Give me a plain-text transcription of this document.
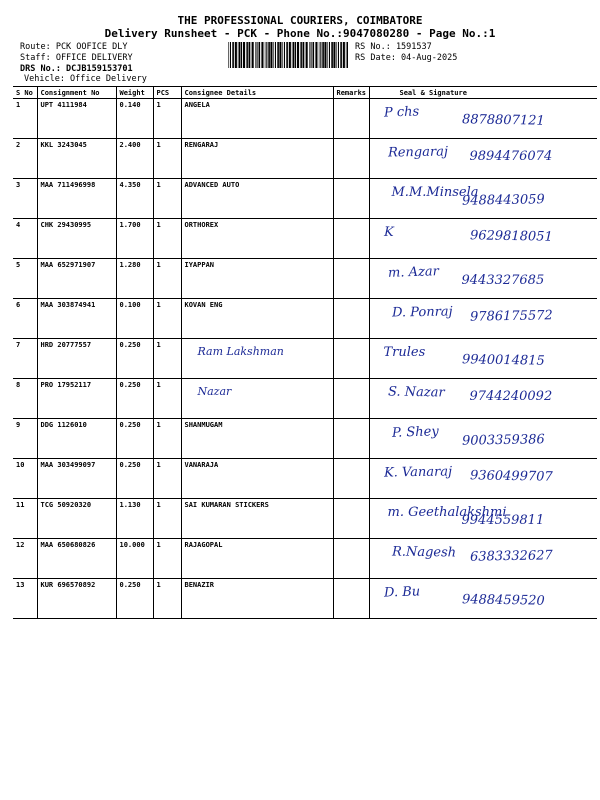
THE PROFESSIONAL COURIERS, COIMBATORE
Delivery Runsheet - PCK - Phone No.:9047080280 - Page No.:1
Route: PCK OOFICE DLY
Staff: OFFICE DELIVERY
DRS No.: DCJB159153701
Vehicle: Office Delivery
RS No.: 1591537
RS Date: 04-Aug-2025
S No	Consignment No	Weight	PCS	Consignee Details	Remarks	Seal & Signature
1	UPT 4111984	0.140	1	ANGELA		P chs 8878807121

2	KKL 3243045	2.400	1	RENGARAJ		Rengaraj 9894476074

3	MAA 711496998	4.350	1	ADVANCED AUTO		M.M.Minsela
9488443059

4	CHK 29430995	1.700	1	ORTHOREX		K 9629818051

5	MAA 652971907	1.280	1	IYAPPAN		m. Azar 9443327685

6	MAA 303874941	0.100	1	KOVAN ENG		D. Ponraj 9786175572

7	HRD 20777557	0.250	1	Ram Lakshman		Trules 9940014815

8	PRO 17952117	0.250	1	Nazar		S. Nazar 9744240092

9	DDG 1126010	0.250	1	SHANMUGAM		P. Shey 9003359386

10	MAA 303499097	0.250	1	VANARAJA		K. Vanaraj 9360499707

11	TCG 50920320	1.130	1	SAI KUMARAN STICKERS		m. Geethalakshmi
9944559811

12	MAA 650680826	10.000	1	RAJAGOPAL		R.Nagesh 6383332627

13	KUR 696570892	0.250	1	BENAZIR		D. Bu 9488459520
